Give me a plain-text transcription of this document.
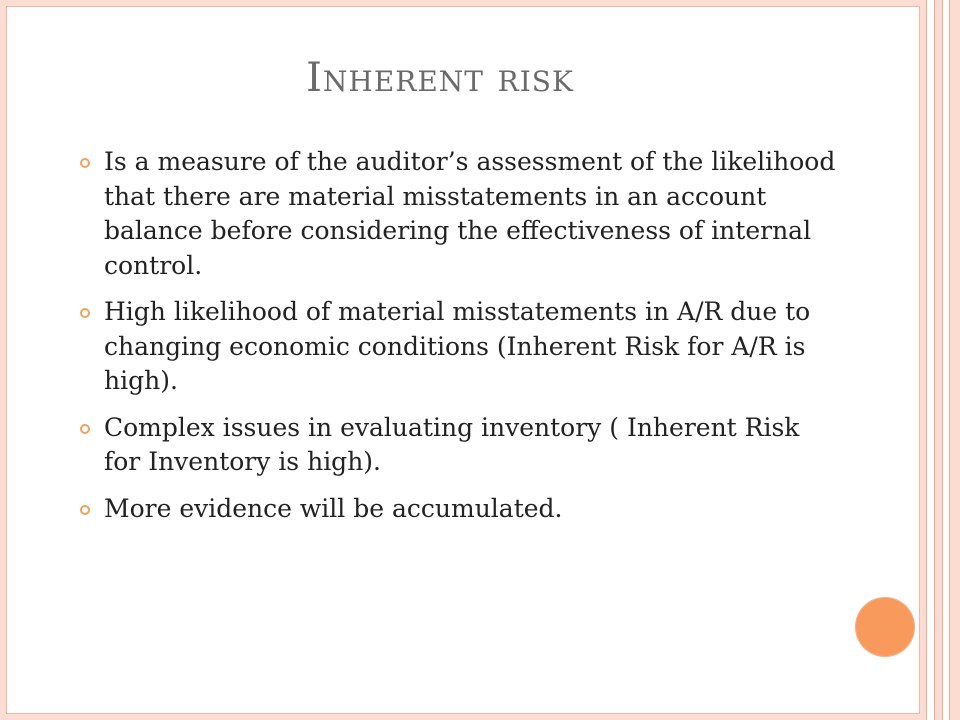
Inherent risk
Is a measure of the auditor’s assessment of the likelihood that there are material misstatements in an account balance before considering the effectiveness of internal control.
High likelihood of material misstatements in A/R due to changing economic conditions (Inherent Risk for A/R is high).
Complex issues in evaluating inventory ( Inherent Risk for Inventory is high).
More evidence will be accumulated.
